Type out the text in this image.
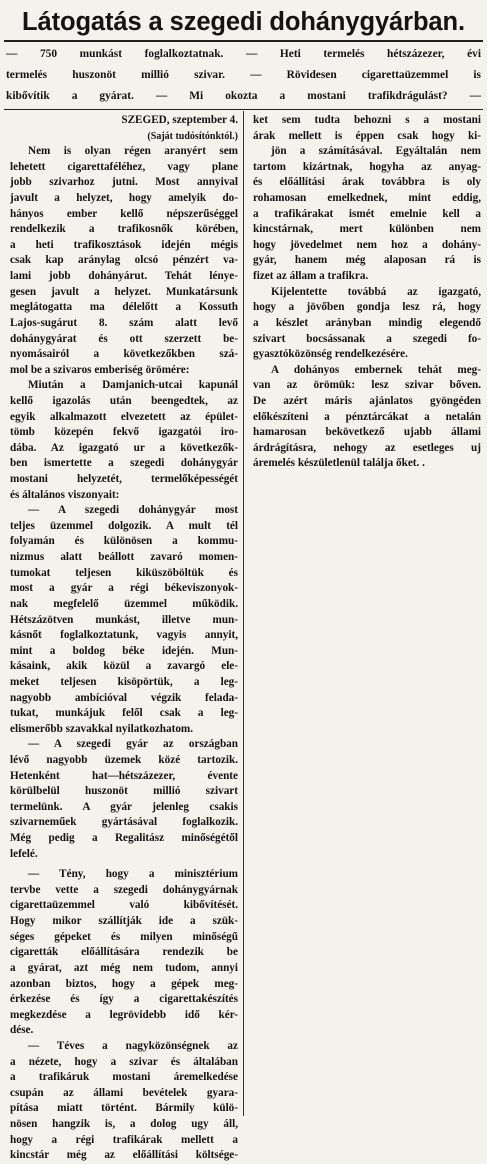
Látogatás a szegedi dohánygyárban.

— 750 munkást foglalkoztatnak. — Heti termelés hétszázezer, évi

termelés huszonöt millió szivar. — Rövidesen cigarettaüzemmel is

kibővítik a gyárat. — Mi okozta a mostani trafikdrágulást? —

SZEGED, szeptember 4.
(Saját tudósítónktól.)
Nem is olyan régen aranyért sem
lehetett cigarettaféléhez, vagy plane
jobb szivarhoz jutni. Most annyival
javult a helyzet, hogy amelyik do-
hányos ember kellő népszerűséggel
rendelkezik a trafikosnők körében,
a heti trafikosztások idején mégis
csak kap aránylag olcsó pénzért va-
lami jobb dohányárut. Tehát lénye-
gesen javult a helyzet. Munkatársunk
meglátogatta ma délelőtt a Kossuth
Lajos-sugárut 8. szám alatt levő
dohánygyárat és ott szerzett be-
nyomásairól a következőkben szá-
mol be a szivaros emberiség örömére:
Miután a Damjanich-utcai kapunál
kellő igazolás után beengedtek, az
egyik alkalmazott elvezetett az épület-
tömb közepén fekvő igazgatói iro-
dába. Az igazgató ur a következők-
ben ismertette a szegedi dohánygyár
mostani helyzetét, termelőképességét
és általános viszonyait:
— A szegedi dohánygyár most
teljes üzemmel dolgozik. A mult tél
folyamán és különösen a kommu-
nizmus alatt beállott zavaró momen-
tumokat teljesen kiküszöböltük és
most a gyár a régi békeviszonyok-
nak megfelelő üzemmel működik.
Hétszázötven munkást, illetve mun-
kásnőt foglalkoztatunk, vagyis annyit,
mint a boldog béke idején. Mun-
kásaink, akik közül a zavargó ele-
meket teljesen kisöpörtük, a leg-
nagyobb ambícióval végzik felada-
tukat, munkájuk felől csak a leg-
elismerőbb szavakkal nyilatkozhatom.
— A szegedi gyár az országban
lévő nagyobb üzemek közé tartozik.
Hetenként hat—hétszázezer, évente
körülbelül huszonöt millió szivart
termelünk. A gyár jelenleg csakis
szivarneműek gyártásával foglalkozik.
Még pedig a Regalitász minőségétől
lefelé.
— Tény, hogy a minisztérium
tervbe vette a szegedi dohánygyárnak
cigarettaüzemmel való kibővítését.
Hogy mikor szállítják ide a szük-
séges gépeket és milyen minőségű
cigaretták előállítására rendezik be
a gyárat, azt még nem tudom, annyi
azonban biztos, hogy a gépek meg-
érkezése és így a cigarettakészítés
megkezdése a legrövidebb idő kér-
dése.
— Téves a nagyközönségnek az
a nézete, hogy a szivar és általában
a trafikáruk mostani áremelkedése
csupán az állami bevételek gyara-
pítása miatt történt. Bármily külö-
nösen hangzik is, a dolog ugy áll,
hogy a régi trafikárak mellett a
kincstár még az előállítási költsége-
ket sem tudta behozni s a mostani
árak mellett is éppen csak hogy ki-
jön a számításával. Egyáltalán nem
tartom kizártnak, hogyha az anyag-
és előállítási árak továbbra is oly
rohamosan emelkednek, mint eddig,
a trafikárakat ismét emelnie kell a
kincstárnak, mert különben nem
hogy jövedelmet nem hoz a dohány-
gyár, hanem még alaposan rá is
fizet az állam a trafikra.
Kijelentette továbbá az igazgató,
hogy a jövőben gondja lesz rá, hogy
a készlet arányban mindig elegendő
szivart bocsássanak a szegedi fo-
gyasztóközönség rendelkezésére.
A dohányos embernek tehát meg-
van az örömük: lesz szivar bőven.
De azért máris ajánlatos gyöngéden
előkészíteni a pénztárcákat a netalán
hamarosan bekövetkező ujabb állami
árdrágításra, nehogy az esetleges uj
áremelés készületlenül találja őket. .
